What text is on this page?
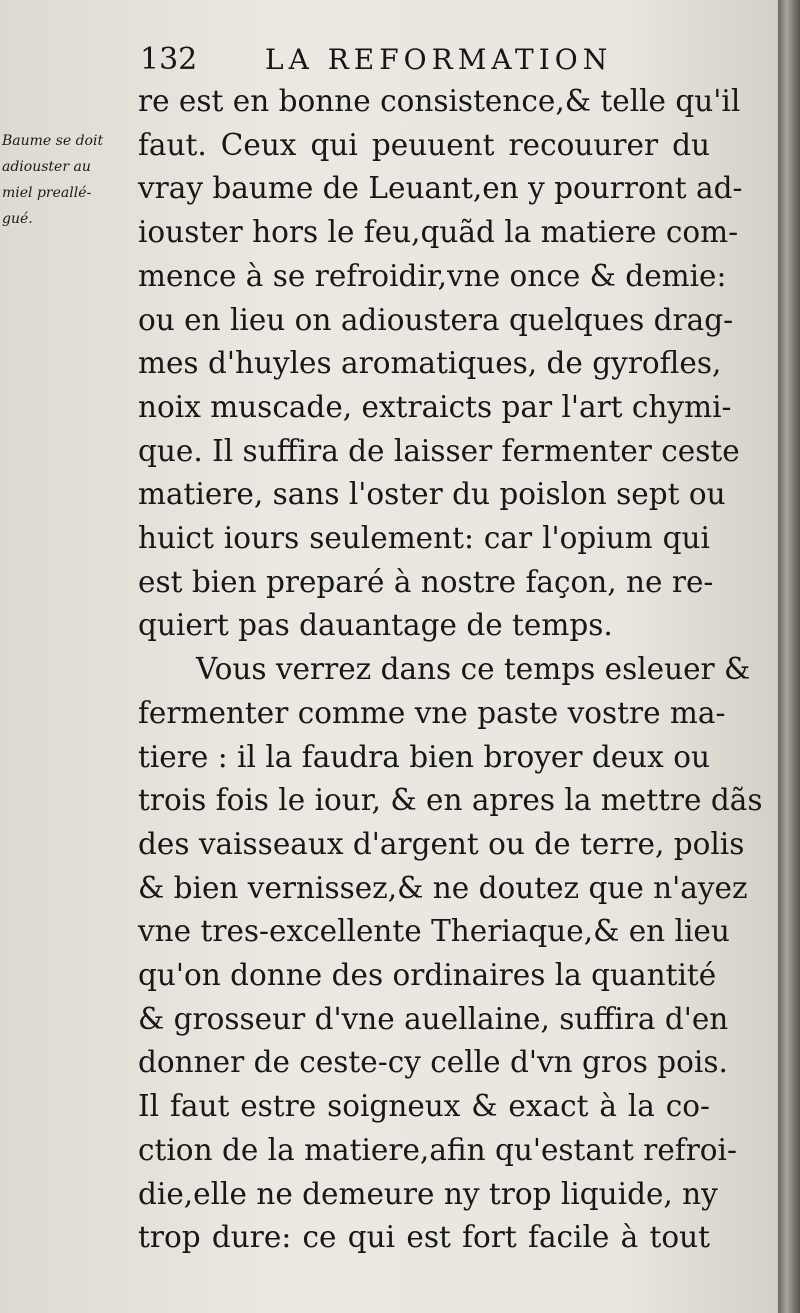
132 LA REFORMATION

Baume se doit
adiouster au
miel preallé-
gué.

re est en bonne consistence,& telle qu'il
faut. Ceux qui peuuent recouurer du
vray baume de Leuant,en y pourront ad-
iouster hors le feu,quãd la matiere com-
mence à se refroidir,vne once & demie:
ou en lieu on adioustera quelques drag-
mes d'huyles aromatiques, de gyrofles,
noix muscade, extraicts par l'art chymi-
que. Il suffira de laisser fermenter ceste
matiere, sans l'oster du poislon sept ou
huict iours seulement: car l'opium qui
est bien preparé à nostre façon, ne re-
quiert pas dauantage de temps.
Vous verrez dans ce temps esleuer &
fermenter comme vne paste vostre ma-
tiere : il la faudra bien broyer deux ou
trois fois le iour, & en apres la mettre dãs
des vaisseaux d'argent ou de terre, polis
& bien vernissez,& ne doutez que n'ayez
vne tres-excellente Theriaque,& en lieu
qu'on donne des ordinaires la quantité
& grosseur d'vne auellaine, suffira d'en
donner de ceste-cy celle d'vn gros pois.
Il faut estre soigneux & exact à la co-
ction de la matiere,afin qu'estant refroi-
die,elle ne demeure ny trop liquide, ny
trop dure: ce qui est fort facile à tout
